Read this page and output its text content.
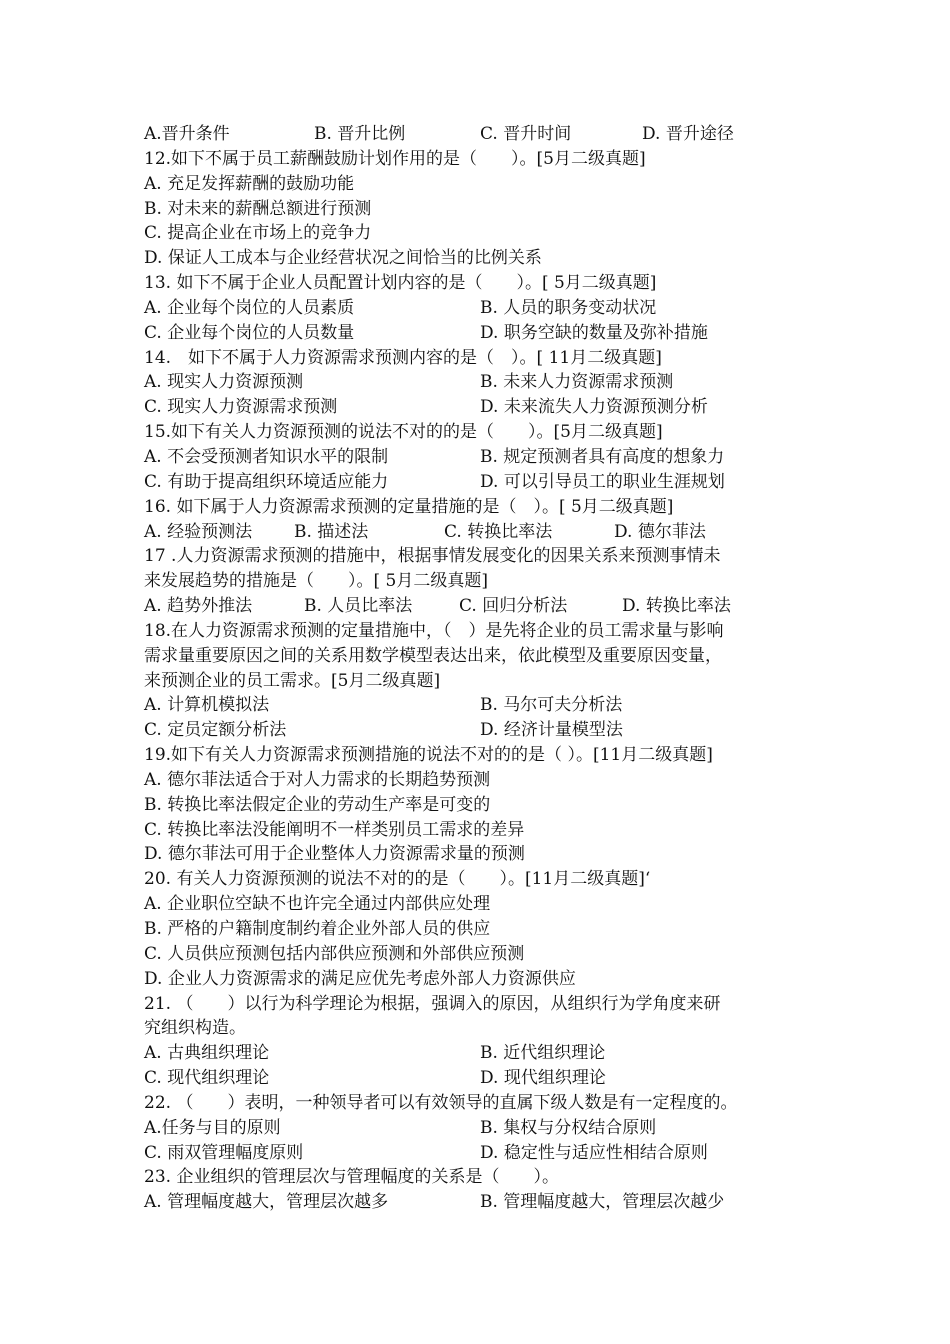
A.晋升条件	B. 晋升比例	C. 晋升时间	D. 晋升途径
12.如下不属于员工薪酬鼓励计划作用的是（　　）。[5月二级真题]
A. 充足发挥薪酬的鼓励功能
B. 对未来的薪酬总额进行预测
C. 提高企业在市场上的竞争力
D. 保证人工成本与企业经营状况之间恰当的比例关系
13. 如下不属于企业人员配置计划内容的是（　　）。[ 5月二级真题]
A. 企业每个岗位的人员素质	B. 人员的职务变动状况
C. 企业每个岗位的人员数量	D. 职务空缺的数量及弥补措施
14.　如下不属于人力资源需求预测内容的是（　）。[ 11月二级真题]
A. 现实人力资源预测	B. 未来人力资源需求预测
C. 现实人力资源需求预测	D. 未来流失人力资源预测分析
15.如下有关人力资源预测的说法不对的的是（　　）。[5月二级真题]
A. 不会受预测者知识水平的限制	B. 规定预测者具有高度的想象力
C. 有助于提高组织环境适应能力	D. 可以引导员工的职业生涯规划
16. 如下属于人力资源需求预测的定量措施的是（　）。[ 5月二级真题]
A. 经验预测法 B. 描述法	C. 转换比率法	D. 德尔菲法
17 .人力资源需求预测的措施中，根据事情发展变化的因果关系来预测事情未
来发展趋势的措施是（　　）。[ 5月二级真题]
A. 趋势外推法	B. 人员比率法	C. 回归分析法	D. 转换比率法
18.在人力资源需求预测的定量措施中，（　）是先将企业的员工需求量与影响
需求量重要原因之间的关系用数学模型表达出来，依此模型及重要原因变量，
来预测企业的员工需求。[5月二级真题]
A. 计算机模拟法	B. 马尔可夫分析法
C. 定员定额分析法	D. 经济计量模型法
19.如下有关人力资源需求预测措施的说法不对的的是（ ）。[11月二级真题]
A. 德尔菲法适合于对人力需求的长期趋势预测
B. 转换比率法假定企业的劳动生产率是可变的
C. 转换比率法没能阐明不一样类别员工需求的差异
D. 德尔菲法可用于企业整体人力资源需求量的预测
20. 有关人力资源预测的说法不对的的是（　　）。[11月二级真题]‘
A. 企业职位空缺不也许完全通过内部供应处理
B. 严格的户籍制度制约着企业外部人员的供应
C. 人员供应预测包括内部供应预测和外部供应预测
D. 企业人力资源需求的满足应优先考虑外部人力资源供应
21. （　　）以行为科学理论为根据，强调入的原因，从组织行为学角度来研
究组织构造。
A. 古典组织理论	B. 近代组织理论
C. 现代组织理论	D. 现代组织理论
22. （　　）表明，一种领导者可以有效领导的直属下级人数是有一定程度的。
A.任务与目的原则	B. 集权与分权结合原则
C. 雨双管理幅度原则	D. 稳定性与适应性相结合原则
23. 企业组织的管理层次与管理幅度的关系是（　　）。
A. 管理幅度越大，管理层次越多	B. 管理幅度越大，管理层次越少
